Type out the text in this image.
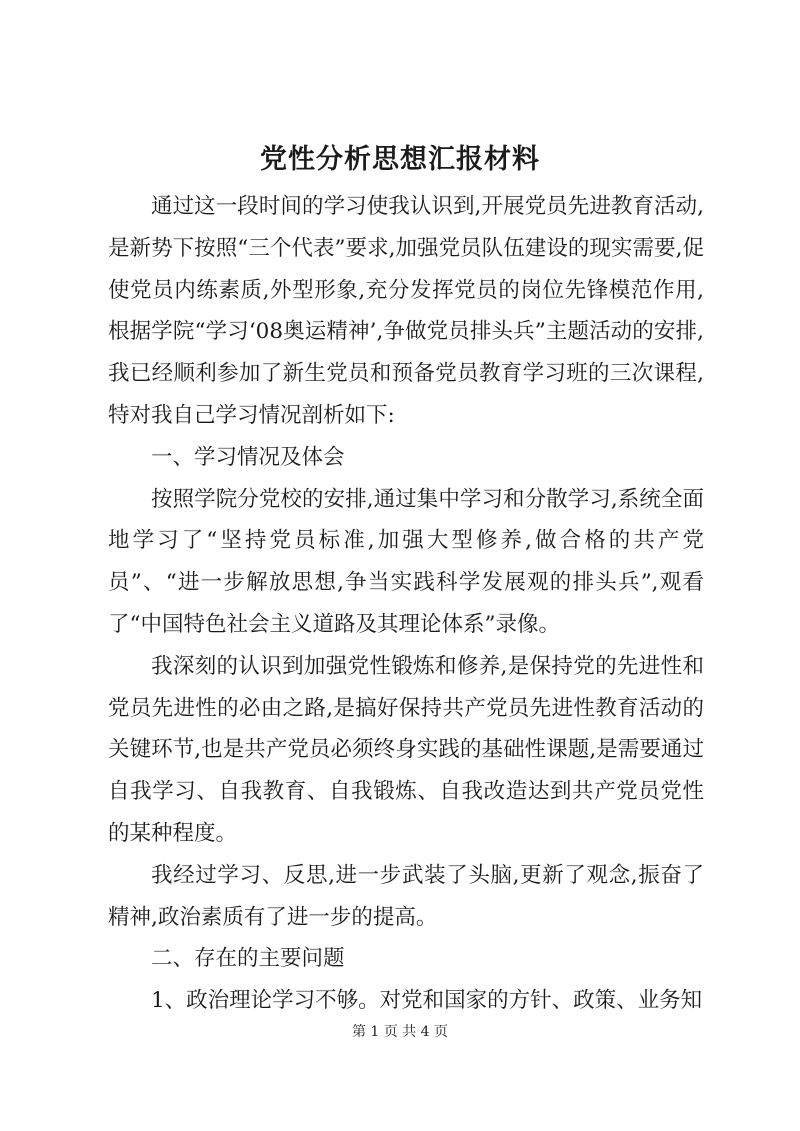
党性分析思想汇报材料

通过这一段时间的学习使我认识到,开展党员先进教育活动,是新势下按照“三个代表”要求,加强党员队伍建设的现实需要,促使党员内练素质,外型形象,充分发挥党员的岗位先锋模范作用,根据学院“学习‘08奥运精神’,争做党员排头兵”主题活动的安排,我已经顺利参加了新生党员和预备党员教育学习班的三次课程,特对我自己学习情况剖析如下:

一、学习情况及体会

按照学院分党校的安排,通过集中学习和分散学习,系统全面地学习了“坚持党员标准,加强大型修养,做合格的共产党员”、“进一步解放思想,争当实践科学发展观的排头兵”,观看了“中国特色社会主义道路及其理论体系”录像。

我深刻的认识到加强党性锻炼和修养,是保持党的先进性和党员先进性的必由之路,是搞好保持共产党员先进性教育活动的关键环节,也是共产党员必须终身实践的基础性课题,是需要通过自我学习、自我教育、自我锻炼、自我改造达到共产党员党性的某种程度。

我经过学习、反思,进一步武装了头脑,更新了观念,振奋了精神,政治素质有了进一步的提高。

二、存在的主要问题

1、政治理论学习不够。对党和国家的方针、政策、业务知

第 1 页 共 4 页
